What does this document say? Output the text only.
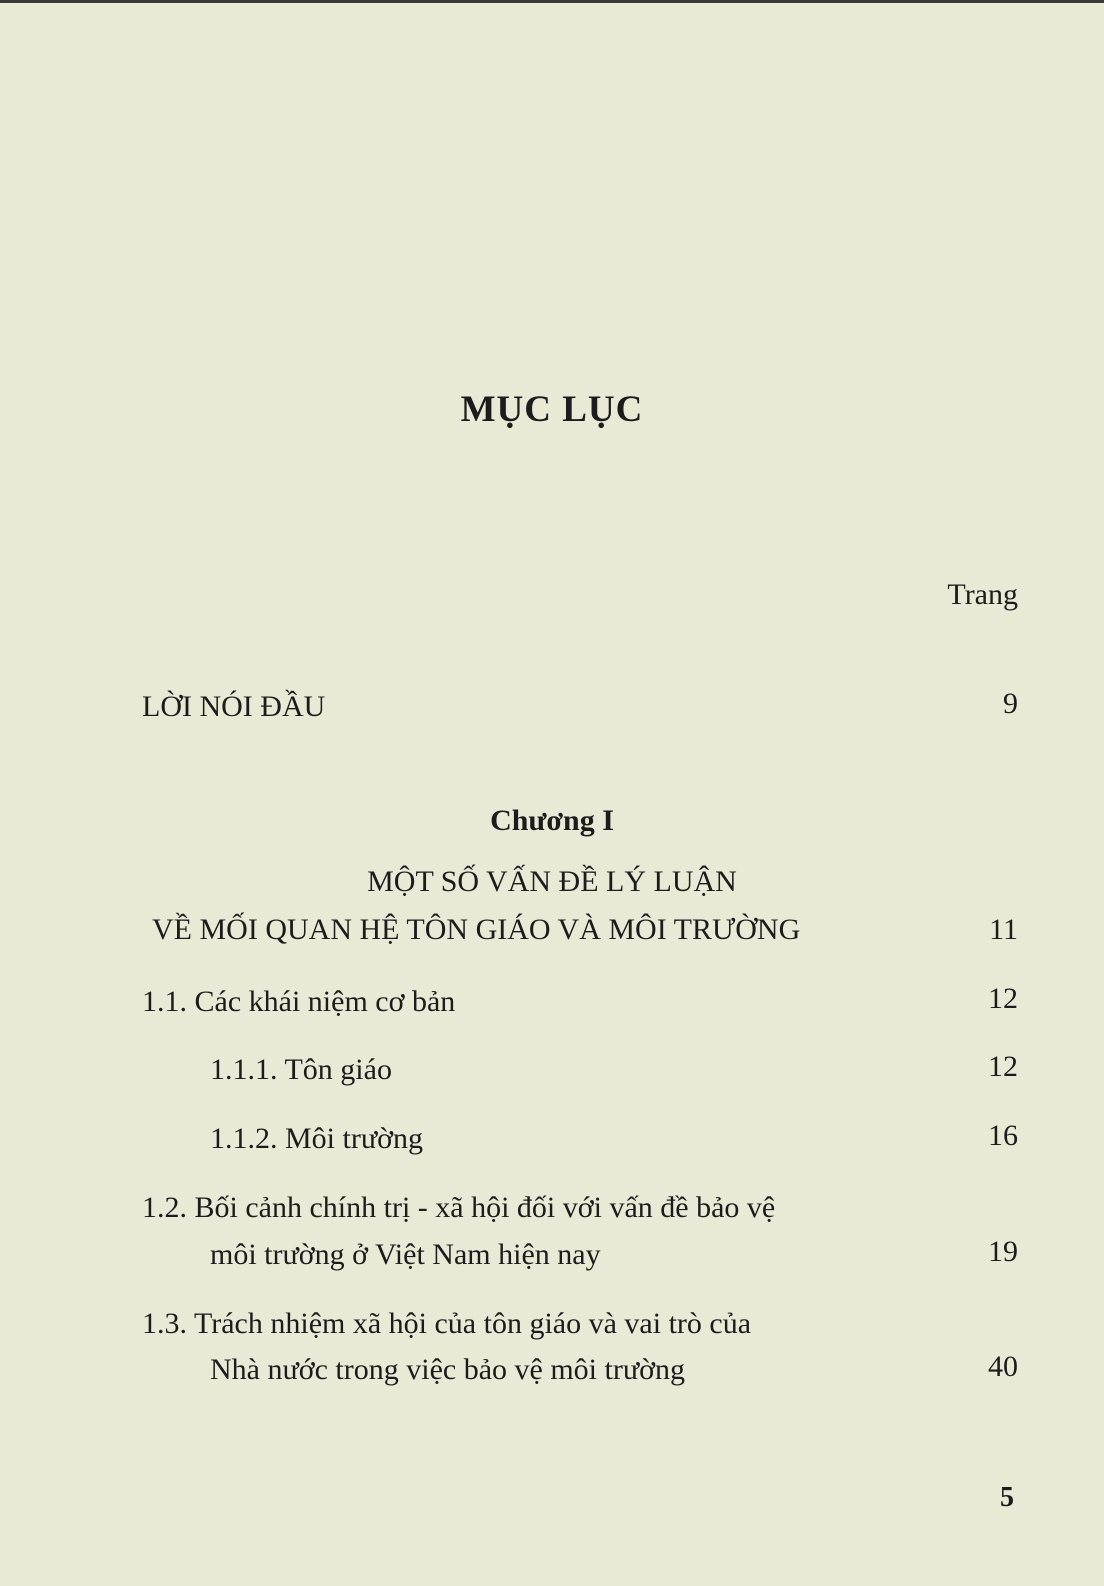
MỤC LỤC
Trang
LỜI NÓI ĐẦU	9
Chương I
MỘT SỐ VẤN ĐỀ LÝ LUẬN
VỀ MỐI QUAN HỆ TÔN GIÁO VÀ MÔI TRƯỜNG	11
1.1. Các khái niệm cơ bản	12
1.1.1. Tôn giáo	12
1.1.2. Môi trường	16
1.2. Bối cảnh chính trị - xã hội đối với vấn đề bảo vệ
môi trường ở Việt Nam hiện nay	19
1.3. Trách nhiệm xã hội của tôn giáo và vai trò của
Nhà nước trong việc bảo vệ môi trường	40
5
